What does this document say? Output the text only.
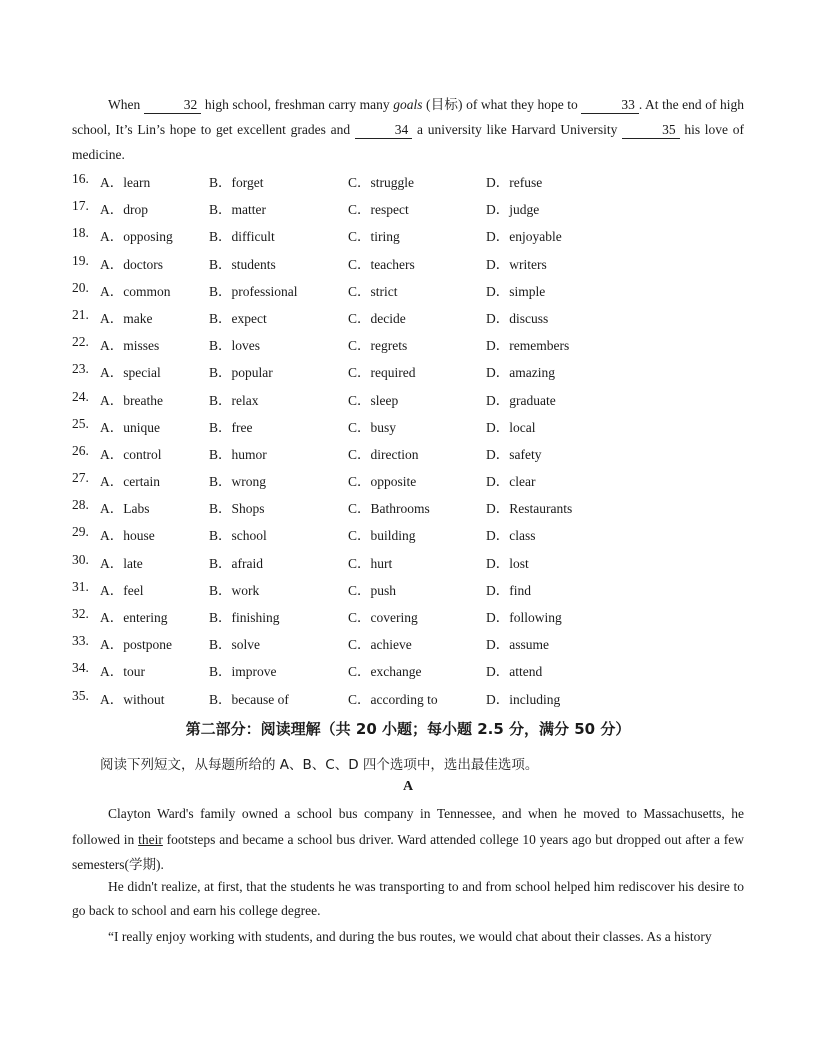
When	32 high school, freshman carry many goals (目标) of what they hope to	33 . At the end of high school, It’s Lin’s hope to get excellent grades and	34 a university like Harvard University	35 his love of medicine.
16. A．learn	B．forget	C．struggle	D．refuse
17. A．drop	B．matter	C．respect	D．judge
18. A．opposing	B．difficult	C．tiring	D．enjoyable
19. A．doctors	B．students	C．teachers	D．writers
20. A．common	B．professional	C．strict	D．simple
21. A．make	B．expect	C．decide	D．discuss
22. A．misses	B．loves	C．regrets	D．remembers
23. A．special	B．popular	C．required	D．amazing
24. A．breathe	B．relax	C．sleep	D．graduate
25. A．unique	B．free	C．busy	D．local
26. A．control	B．humor	C．direction	D．safety
27. A．certain	B．wrong	C．opposite	D．clear
28. A．Labs	B．Shops	C．Bathrooms	D．Restaurants
29. A．house	B．school	C．building	D．class
30. A．late	B．afraid	C．hurt	D．lost
31. A．feel	B．work	C．push	D．find
32. A．entering	B．finishing	C．covering	D．following
33. A．postpone	B．solve	C．achieve	D．assume
34. A．tour	B．improve	C．exchange	D．attend
35. A．without	B．because of	C．according to	D．including
第二部分：阅读理解（共 20 小题；每小题 2.5 分，满分 50 分）
阅读下列短文，从每题所给的 A、B、C、D 四个选项中，选出最佳选项。
A
Clayton Ward's family owned a school bus company in Tennessee, and when he moved to Massachusetts, he followed in their footsteps and became a school bus driver. Ward attended college 10 years ago but dropped out after a few semesters(学期).
He didn't realize, at first, that the students he was transporting to and from school helped him rediscover his desire to go back to school and earn his college degree.
“I really enjoy working with students, and during the bus routes, we would chat about their classes. As a history
